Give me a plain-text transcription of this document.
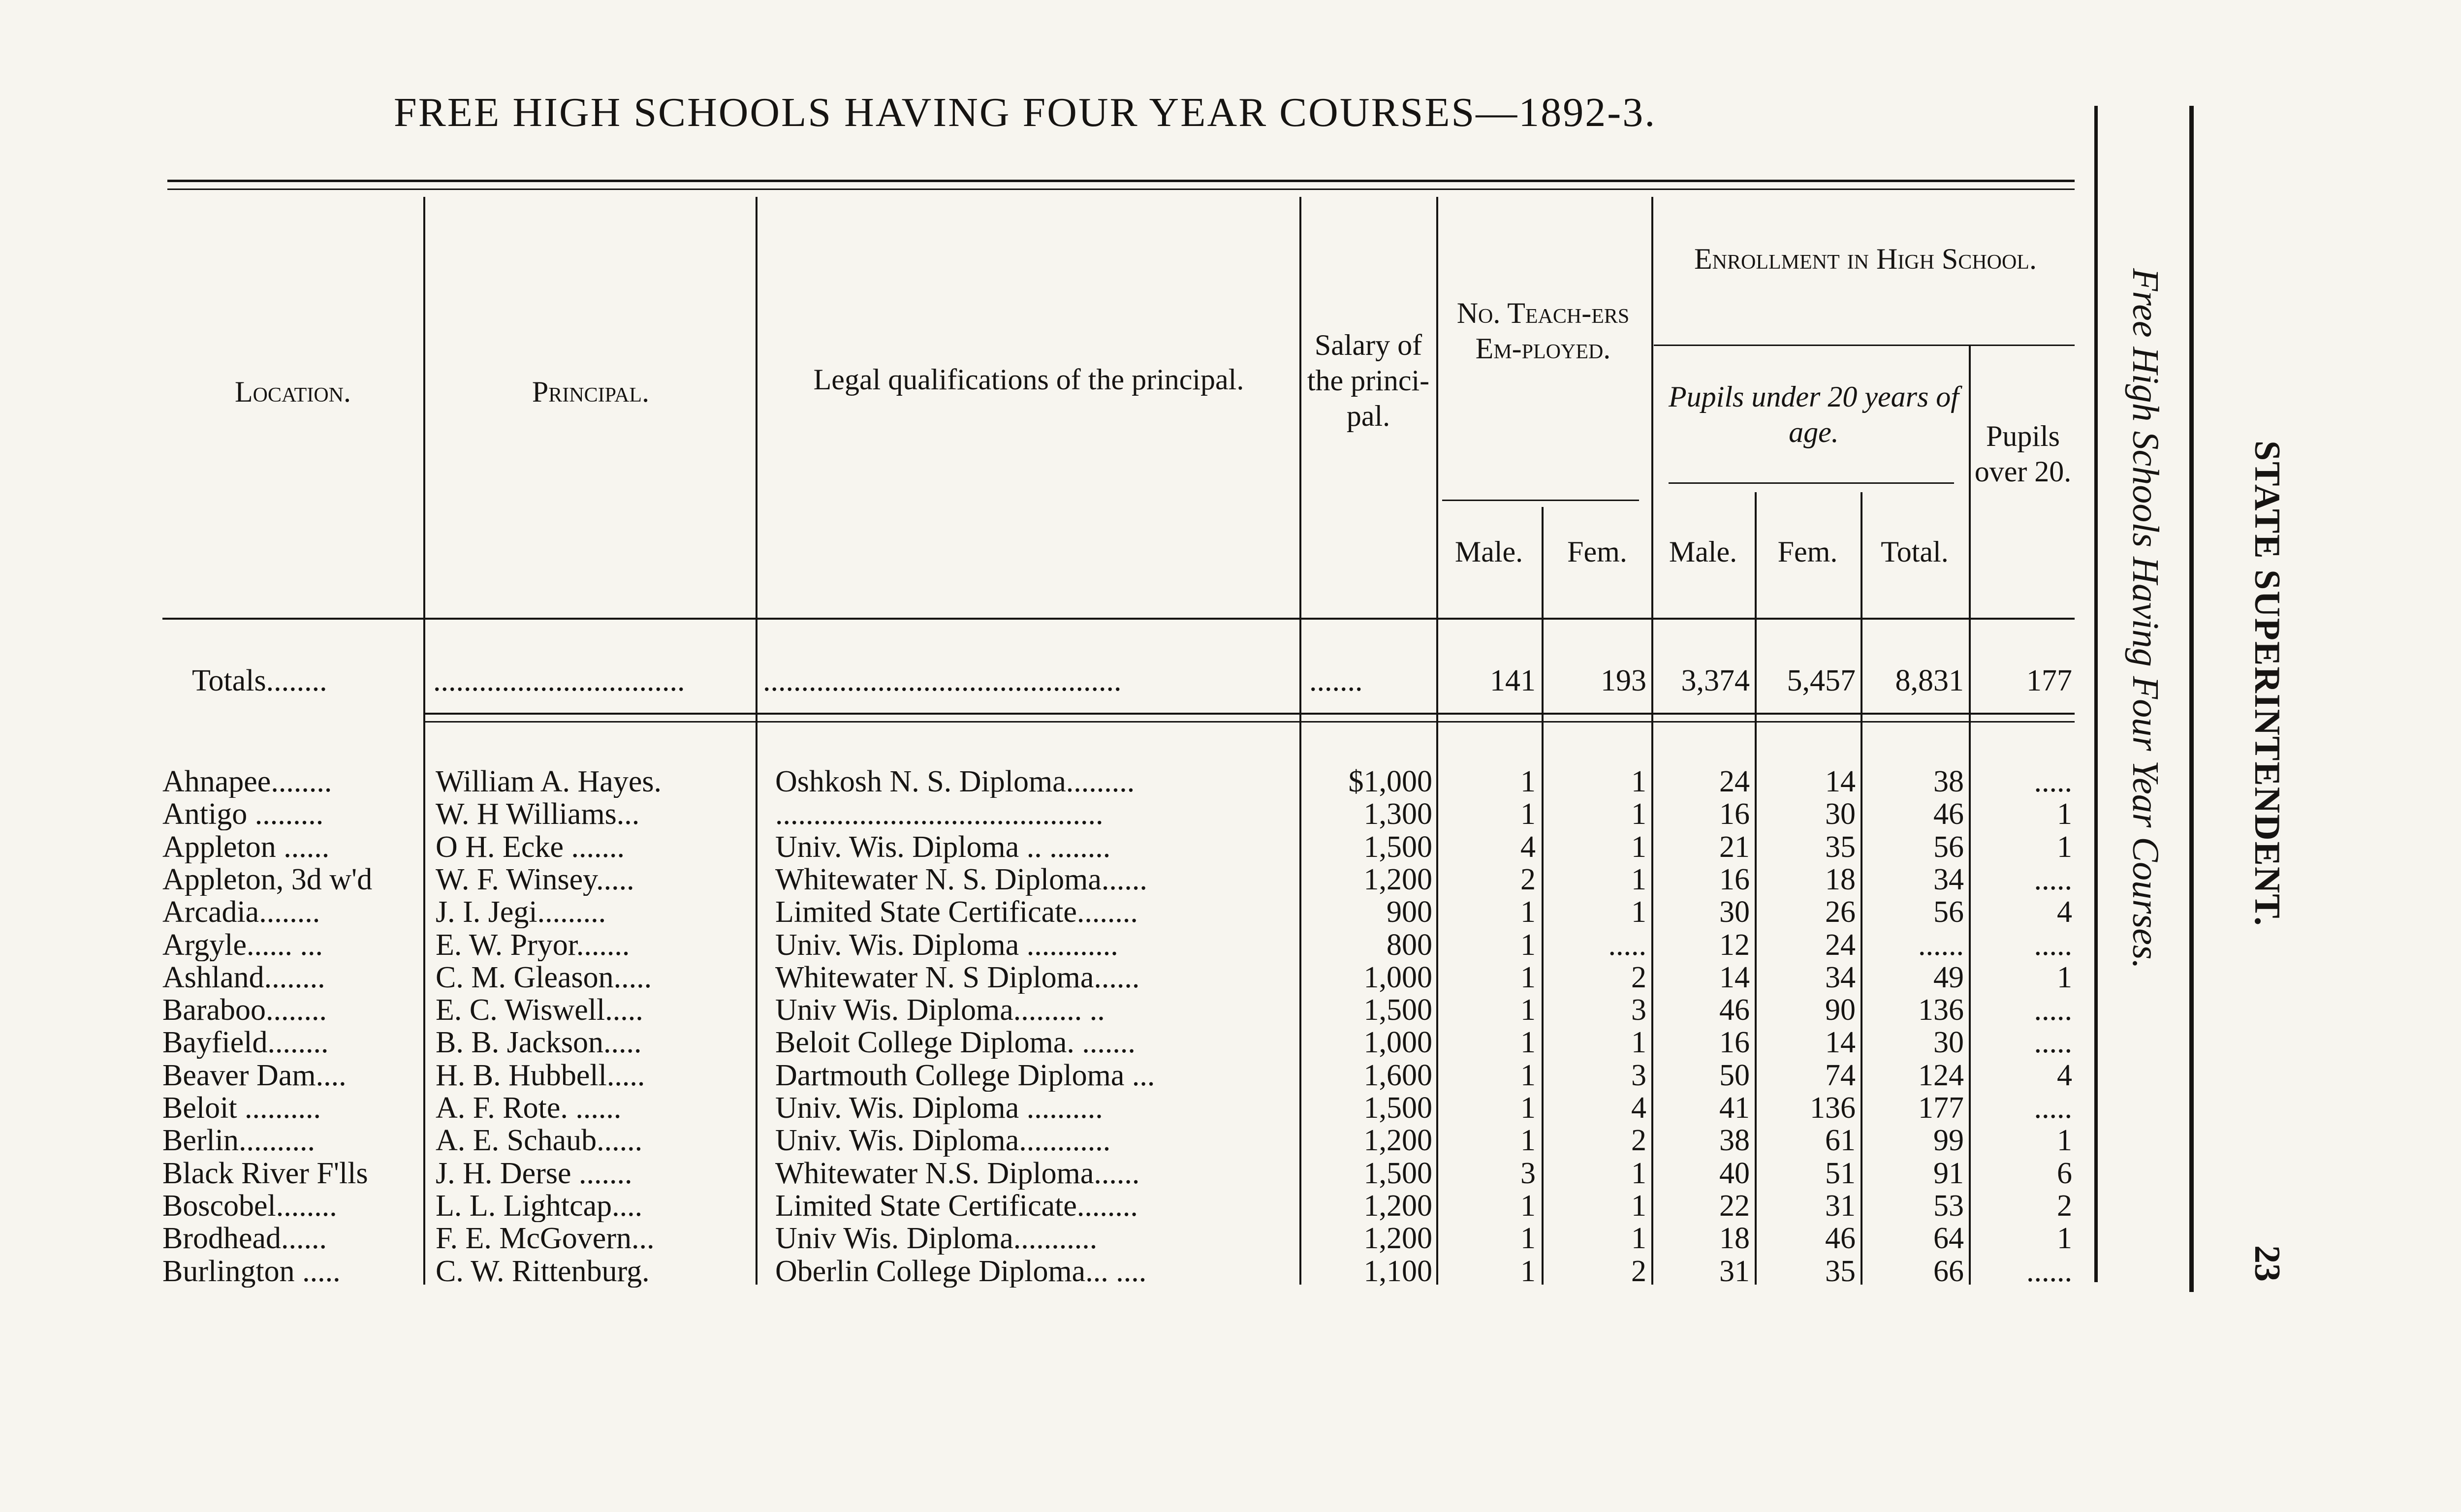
FREE HIGH SCHOOLS HAVING FOUR YEAR COURSES—1892-3.
Free High Schools Having Four Year Courses. STATE SUPERINTENDENT.
23
Location.	Principal.	Legal qualifications of the principal.
Salary of the princi-pal.
No. Teach-ers Em-ployed.
Male.	Fem.
Enrollment in High School.
Pupils under 20 years of age.	Pupils over 20.
Male.	Fem.	Total.
Totals........	.................................	...............................................	.......	141	193	3,374	5,457	8,831	177
Ahnapee........	William A. Hayes.	Oshkosh N. S. Diploma.........	$1,000	1	1	24	14	38	.....
Antigo .........	W. H Williams...	...........................................	1,300	1	1	16	30	46	1
Appleton ......	O H. Ecke .......	Univ. Wis. Diploma .. ........	1,500	4	1	21	35	56	1
Appleton, 3d w'd	W. F. Winsey.....	Whitewater N. S. Diploma......	1,200	2	1	16	18	34	.....
Arcadia........	J. I. Jegi.........	Limited State Certificate........	900	1	1	30	26	56	4
Argyle...... ...	E. W. Pryor.......	Univ. Wis. Diploma ............	800	1	.....	12	24	......	.....
Ashland........	C. M. Gleason.....	Whitewater N. S Diploma......	1,000	1	2	14	34	49	1
Baraboo........	E. C. Wiswell.....	Univ Wis. Diploma......... ..	1,500	1	3	46	90	136	.....
Bayfield........	B. B. Jackson.....	Beloit College Diploma. .......	1,000	1	1	16	14	30	.....
Beaver Dam....	H. B. Hubbell.....	Dartmouth College Diploma ...	1,600	1	3	50	74	124	4
Beloit ..........	A. F. Rote. ......	Univ. Wis. Diploma ..........	1,500	1	4	41	136	177	.....
Berlin..........	A. E. Schaub......	Univ. Wis. Diploma............	1,200	1	2	38	61	99	1
Black River F'lls	J. H. Derse .......	Whitewater N.S. Diploma......	1,500	3	1	40	51	91	6
Boscobel........	L. L. Lightcap....	Limited State Certificate........	1,200	1	1	22	31	53	2
Brodhead......	F. E. McGovern...	Univ Wis. Diploma...........	1,200	1	1	18	46	64	1
Burlington .....	C. W. Rittenburg.	Oberlin College Diploma... ....	1,100	1	2	31	35	66	......
